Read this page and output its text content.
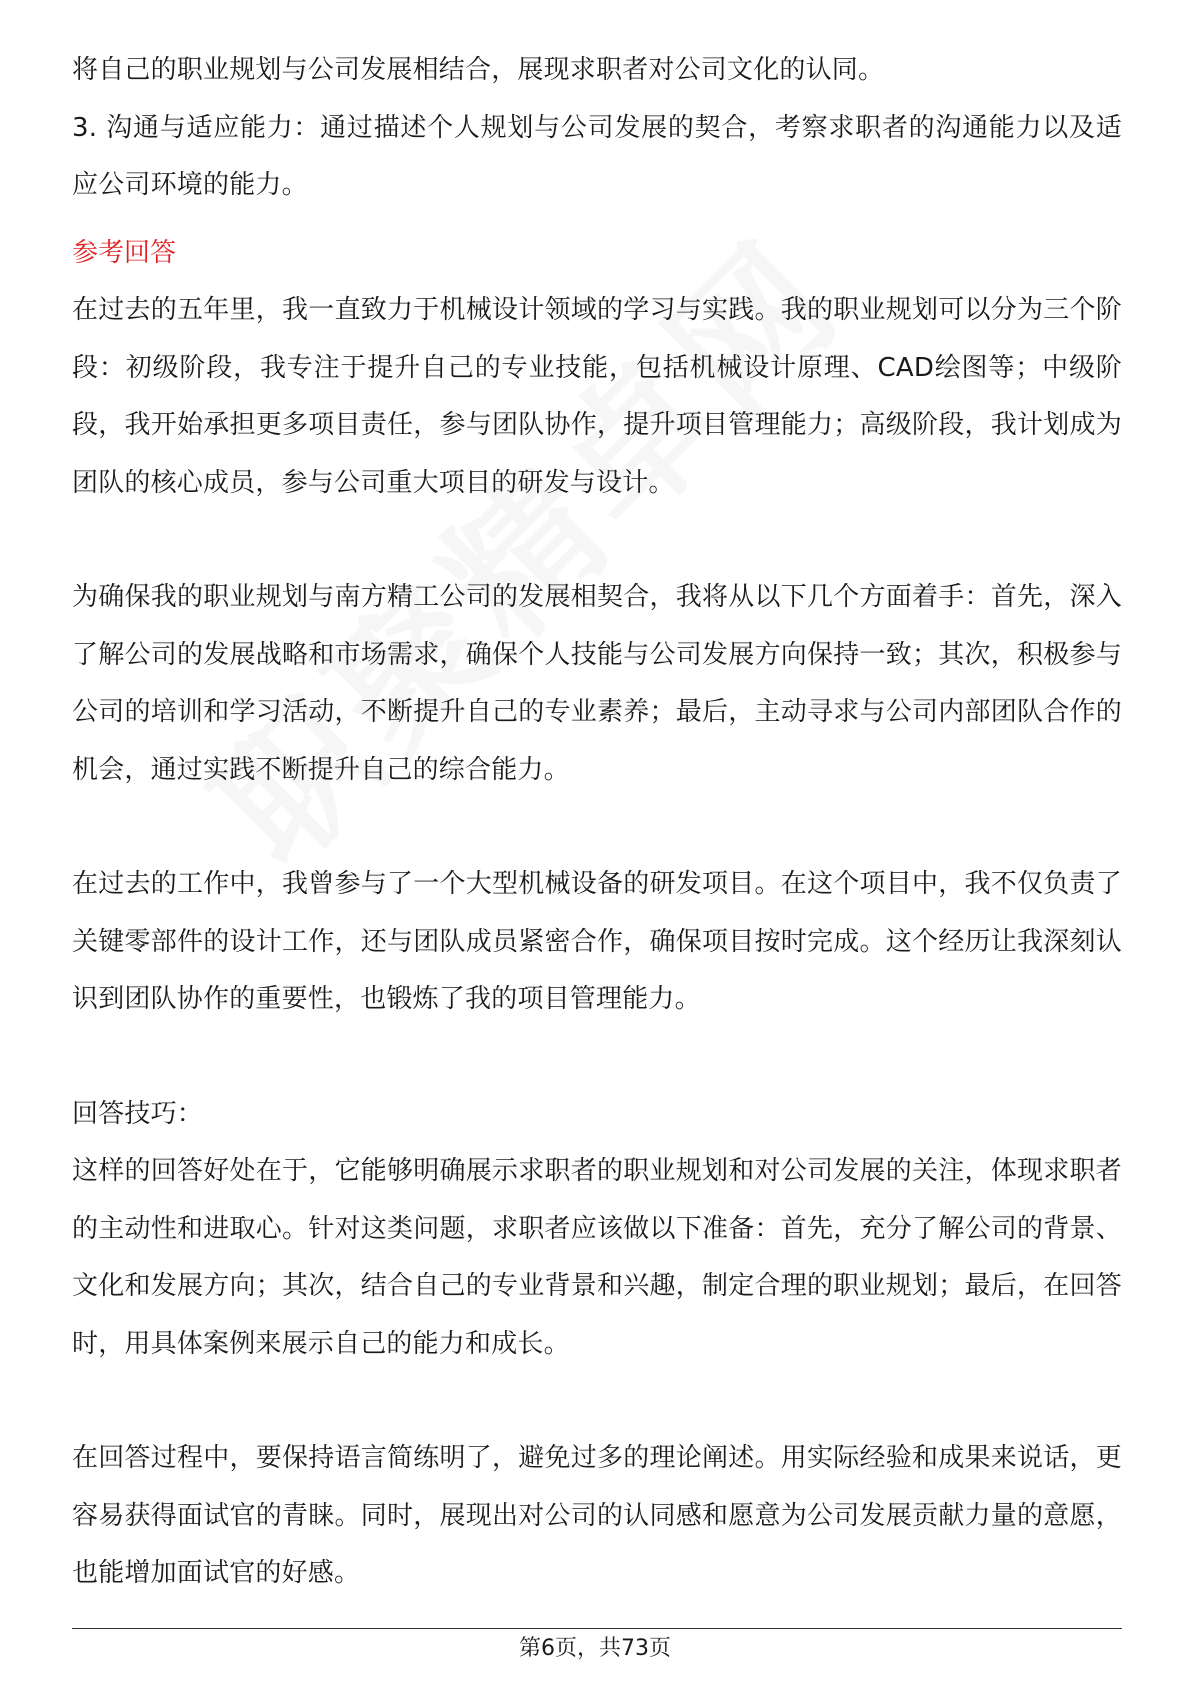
将自己的职业规划与公司发展相结合，展现求职者对公司文化的认同。

3. 沟通与适应能力：通过描述个人规划与公司发展的契合，考察求职者的沟通能力以及适应公司环境的能力。

参考回答

在过去的五年里，我一直致力于机械设计领域的学习与实践。我的职业规划可以分为三个阶段：初级阶段，我专注于提升自己的专业技能，包括机械设计原理、CAD绘图等；中级阶段，我开始承担更多项目责任，参与团队协作，提升项目管理能力；高级阶段，我计划成为团队的核心成员，参与公司重大项目的研发与设计。

为确保我的职业规划与南方精工公司的发展相契合，我将从以下几个方面着手：首先，深入了解公司的发展战略和市场需求，确保个人技能与公司发展方向保持一致；其次，积极参与公司的培训和学习活动，不断提升自己的专业素养；最后，主动寻求与公司内部团队合作的机会，通过实践不断提升自己的综合能力。

在过去的工作中，我曾参与了一个大型机械设备的研发项目。在这个项目中，我不仅负责了关键零部件的设计工作，还与团队成员紧密合作，确保项目按时完成。这个经历让我深刻认识到团队协作的重要性，也锻炼了我的项目管理能力。

回答技巧：

这样的回答好处在于，它能够明确展示求职者的职业规划和对公司发展的关注，体现求职者的主动性和进取心。针对这类问题，求职者应该做以下准备：首先，充分了解公司的背景、文化和发展方向；其次，结合自己的专业背景和兴趣，制定合理的职业规划；最后，在回答时，用具体案例来展示自己的能力和成长。

在回答过程中，要保持语言简练明了，避免过多的理论阐述。用实际经验和成果来说话，更容易获得面试官的青睐。同时，展现出对公司的认同感和愿意为公司发展贡献力量的意愿，也能增加面试官的好感。

第6页，共73页
